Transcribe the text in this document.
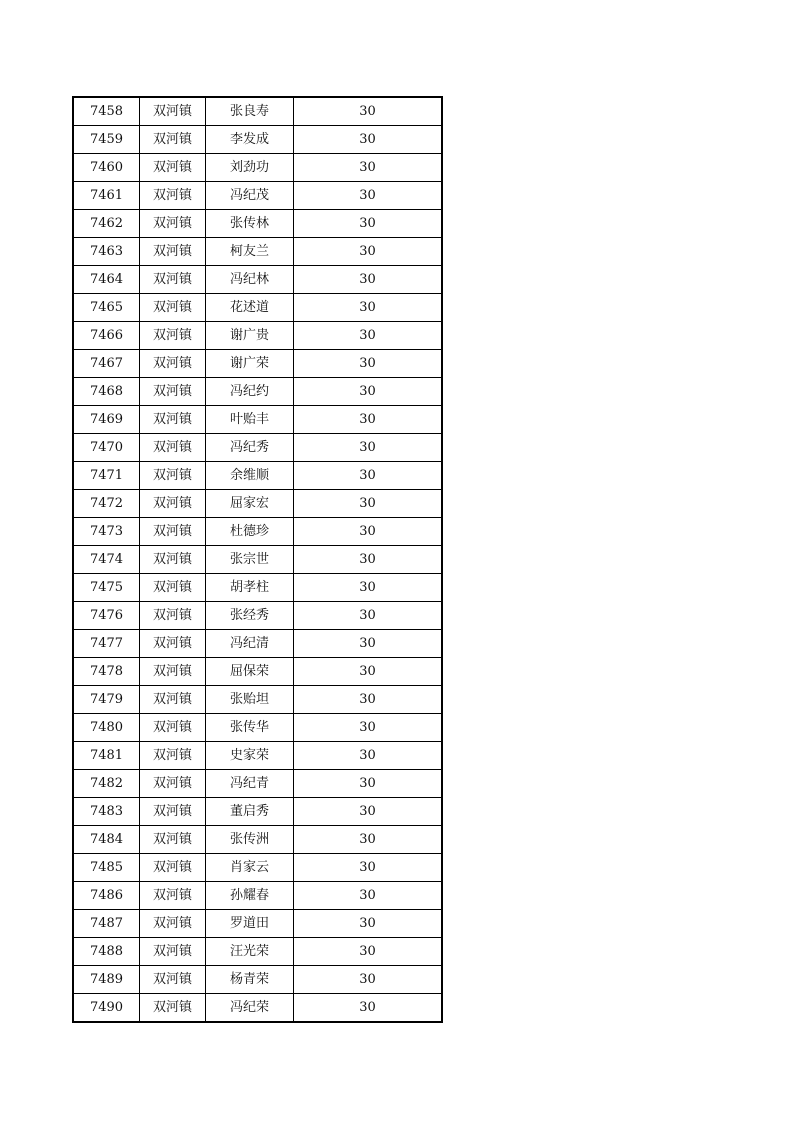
7458	双河镇	张良寿	30
7459	双河镇	李发成	30
7460	双河镇	刘劲功	30
7461	双河镇	冯纪茂	30
7462	双河镇	张传林	30
7463	双河镇	柯友兰	30
7464	双河镇	冯纪林	30
7465	双河镇	花述道	30
7466	双河镇	谢广贵	30
7467	双河镇	谢广荣	30
7468	双河镇	冯纪约	30
7469	双河镇	叶贻丰	30
7470	双河镇	冯纪秀	30
7471	双河镇	余维顺	30
7472	双河镇	屈家宏	30
7473	双河镇	杜德珍	30
7474	双河镇	张宗世	30
7475	双河镇	胡孝柱	30
7476	双河镇	张经秀	30
7477	双河镇	冯纪清	30
7478	双河镇	屈保荣	30
7479	双河镇	张贻坦	30
7480	双河镇	张传华	30
7481	双河镇	史家荣	30
7482	双河镇	冯纪青	30
7483	双河镇	董启秀	30
7484	双河镇	张传洲	30
7485	双河镇	肖家云	30
7486	双河镇	孙耀春	30
7487	双河镇	罗道田	30
7488	双河镇	汪光荣	30
7489	双河镇	杨青荣	30
7490	双河镇	冯纪荣	30
